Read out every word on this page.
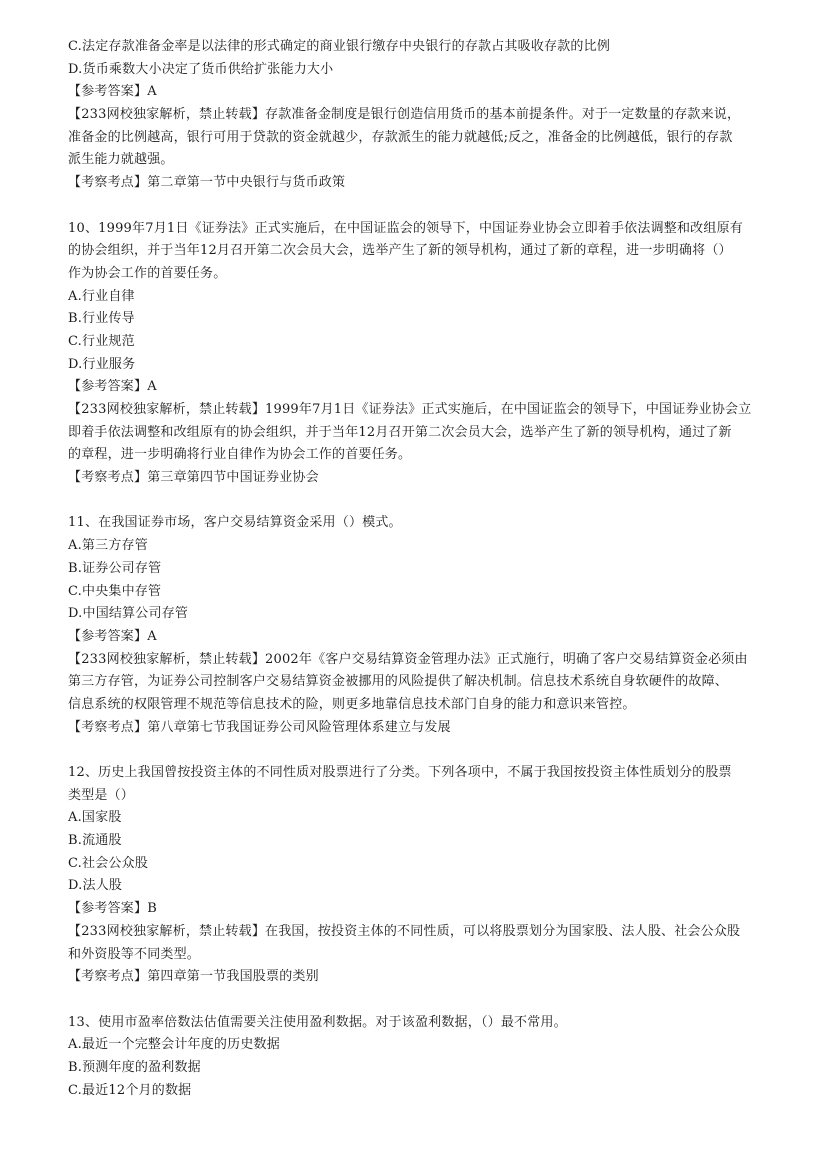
C.法定存款准备金率是以法律的形式确定的商业银行缴存中央银行的存款占其吸收存款的比例
D.货币乘数大小决定了货币供给扩张能力大小
【参考答案】A
【233网校独家解析，禁止转载】存款准备金制度是银行创造信用货币的基本前提条件。对于一定数量的存款来说，
准备金的比例越高，银行可用于贷款的资金就越少，存款派生的能力就越低;反之，准备金的比例越低，银行的存款
派生能力就越强。
【考察考点】第二章第一节中央银行与货币政策
10、1999年7月1日《证券法》正式实施后，在中国证监会的领导下，中国证券业协会立即着手依法调整和改组原有
的协会组织，并于当年12月召开第二次会员大会，选举产生了新的领导机构，通过了新的章程，进一步明确将（）
作为协会工作的首要任务。
A.行业自律
B.行业传导
C.行业规范
D.行业服务
【参考答案】A
【233网校独家解析，禁止转载】1999年7月1日《证券法》正式实施后，在中国证监会的领导下，中国证券业协会立
即着手依法调整和改组原有的协会组织，并于当年12月召开第二次会员大会，选举产生了新的领导机构，通过了新
的章程，进一步明确将行业自律作为协会工作的首要任务。
【考察考点】第三章第四节中国证券业协会
11、在我国证券市场，客户交易结算资金采用（）模式。
A.第三方存管
B.证券公司存管
C.中央集中存管
D.中国结算公司存管
【参考答案】A
【233网校独家解析，禁止转载】2002年《客户交易结算资金管理办法》正式施行，明确了客户交易结算资金必须由
第三方存管，为证券公司控制客户交易结算资金被挪用的风险提供了解决机制。信息技术系统自身软硬件的故障、
信息系统的权限管理不规范等信息技术的险，则更多地靠信息技术部门自身的能力和意识来管控。
【考察考点】第八章第七节我国证券公司风险管理体系建立与发展
12、历史上我国曾按投资主体的不同性质对股票进行了分类。下列各项中，不属于我国按投资主体性质划分的股票
类型是（）
A.国家股
B.流通股
C.社会公众股
D.法人股
【参考答案】B
【233网校独家解析，禁止转载】在我国，按投资主体的不同性质，可以将股票划分为国家股、法人股、社会公众股
和外资股等不同类型。
【考察考点】第四章第一节我国股票的类别
13、使用市盈率倍数法估值需要关注使用盈利数据。对于该盈利数据，（）最不常用。
A.最近一个完整会计年度的历史数据
B.预测年度的盈利数据
C.最近12个月的数据
